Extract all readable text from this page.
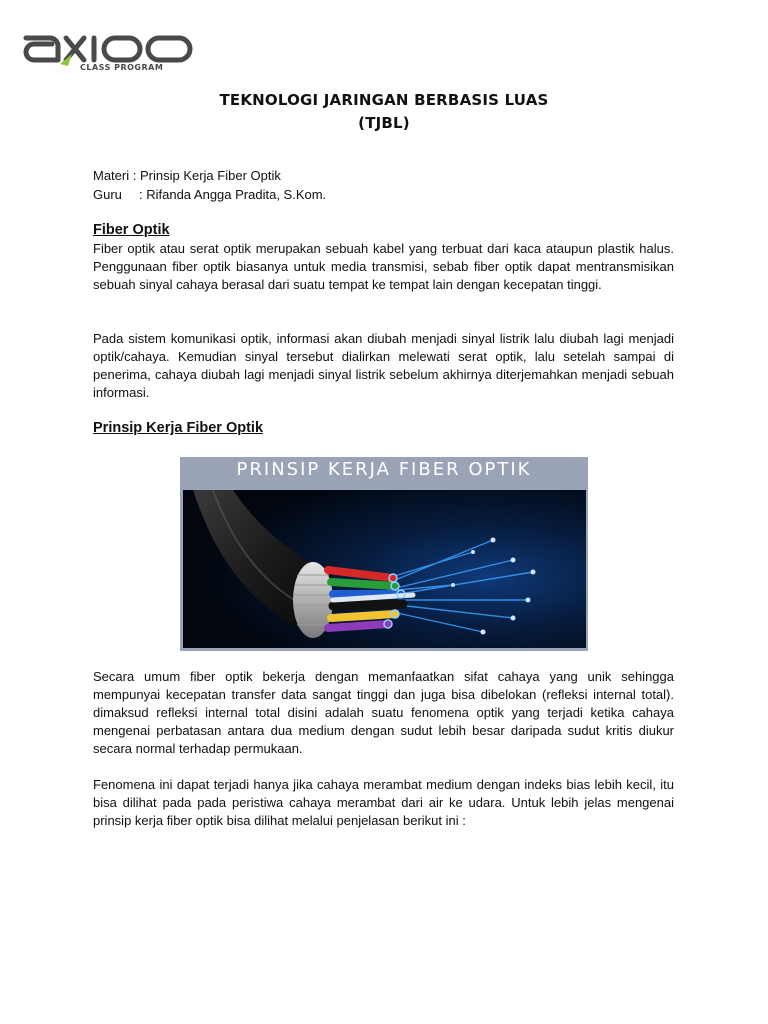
CLASS PROGRAM
TEKNOLOGI JARINGAN BERBASIS LUAS
(TJBL)
Materi :
Prinsip Kerja Fiber Optik
Guru	: Rifanda Angga Pradita, S.Kom.
Fiber Optik

Fiber optik atau serat optik merupakan sebuah kabel yang terbuat dari kaca ataupun plastik halus. Penggunaan fiber optik biasanya untuk media transmisi, sebab fiber optik dapat mentransmisikan sebuah sinyal cahaya berasal dari suatu tempat ke tempat lain dengan kecepatan tinggi.

Pada sistem komunikasi optik, informasi akan diubah menjadi sinyal listrik lalu diubah lagi menjadi optik/cahaya. Kemudian sinyal tersebut dialirkan melewati serat optik, lalu setelah sampai di penerima, cahaya diubah lagi menjadi sinyal listrik sebelum akhirnya diterjemahkan menjadi sebuah informasi.

Prinsip Kerja Fiber Optik
PRINSIP KERJA FIBER OPTIK

Secara umum fiber optik bekerja dengan memanfaatkan sifat cahaya yang unik sehingga mempunyai kecepatan transfer data sangat tinggi dan juga bisa dibelokan (refleksi internal total). dimaksud refleksi internal total disini adalah suatu fenomena optik yang terjadi ketika cahaya mengenai perbatasan antara dua medium dengan sudut lebih besar daripada sudut kritis diukur secara normal terhadap permukaan.

Fenomena ini dapat terjadi hanya jika cahaya merambat medium dengan indeks bias lebih kecil, itu bisa dilihat pada pada peristiwa cahaya merambat dari air ke udara. Untuk lebih jelas mengenai prinsip kerja fiber optik bisa dilihat melalui penjelasan berikut ini :
